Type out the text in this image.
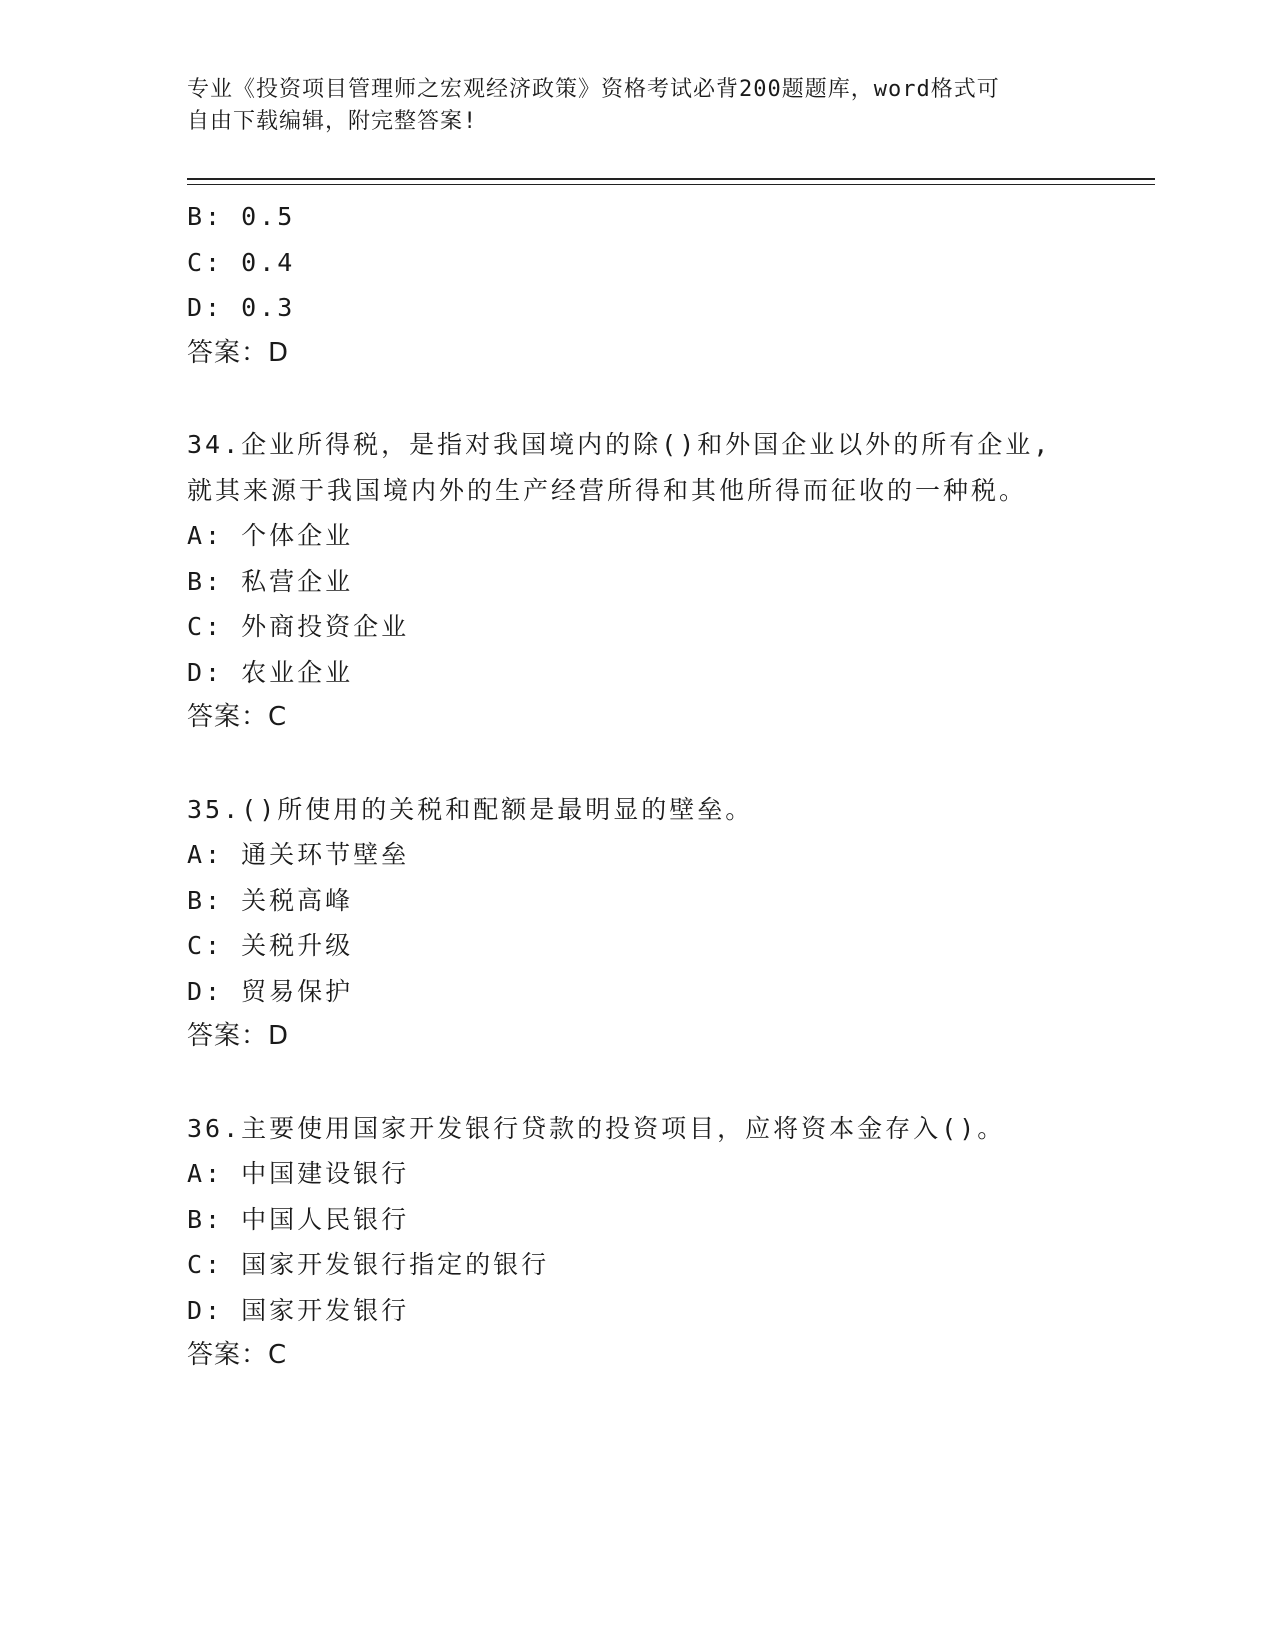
专业《投资项目管理师之宏观经济政策》资格考试必背200题题库，word格式可
自由下载编辑，附完整答案!
B: 0.5
C: 0.4
D: 0.3
答案：D
34.企业所得税，是指对我国境内的除()和外国企业以外的所有企业,
就其来源于我国境内外的生产经营所得和其他所得而征收的一种税。
A: 个体企业
B: 私营企业
C: 外商投资企业
D: 农业企业
答案：C
35.()所使用的关税和配额是最明显的壁垒。
A: 通关环节壁垒
B: 关税高峰
C: 关税升级
D: 贸易保护
答案：D
36.主要使用国家开发银行贷款的投资项目，应将资本金存入()。
A: 中国建设银行
B: 中国人民银行
C: 国家开发银行指定的银行
D: 国家开发银行
答案：C
